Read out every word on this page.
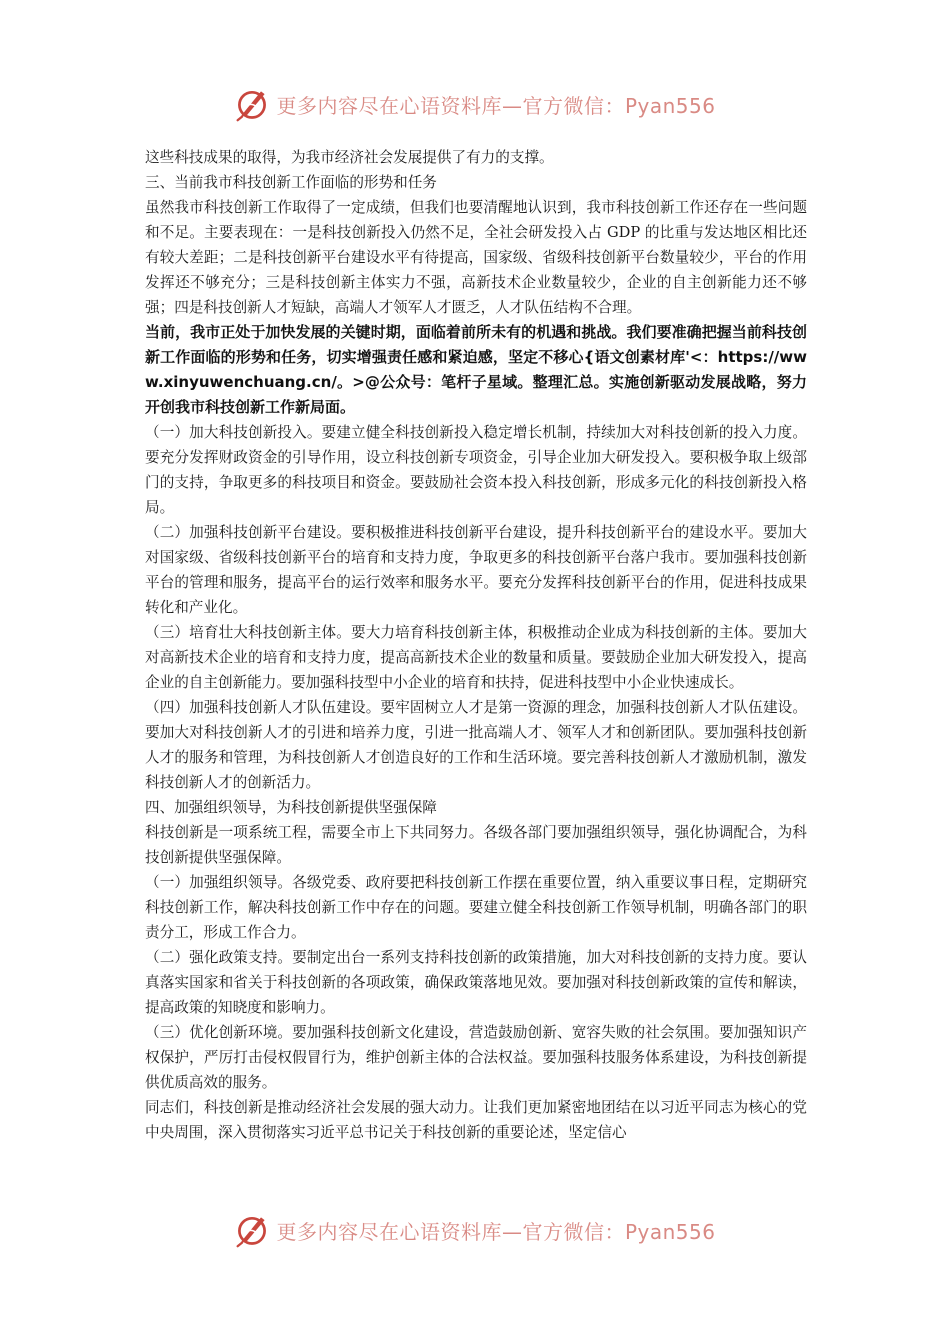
更多内容尽在心语资料库—官方微信：Pyan556

这些科技成果的取得，为我市经济社会发展提供了有力的支撑。

三、当前我市科技创新工作面临的形势和任务

虽然我市科技创新工作取得了一定成绩，但我们也要清醒地认识到，我市科技创新工作还存在一些问题和不足。主要表现在：一是科技创新投入仍然不足，全社会研发投入占 GDP 的比重与发达地区相比还有较大差距；二是科技创新平台建设水平有待提高，国家级、省级科技创新平台数量较少，平台的作用发挥还不够充分；三是科技创新主体实力不强，高新技术企业数量较少，企业的自主创新能力还不够强；四是科技创新人才短缺，高端人才领军人才匮乏，人才队伍结构不合理。

当前，我市正处于加快发展的关键时期，面临着前所未有的机遇和挑战。我们要准确把握当前科技创新工作面临的形势和任务，切实增强责任感和紧迫感，坚定不移心{语文创素材库'<：https://www.xinyuwenchuang.cn/。>@公众号：笔杆子星域。整理汇总。实施创新驱动发展战略，努力开创我市科技创新工作新局面。

（一）加大科技创新投入。要建立健全科技创新投入稳定增长机制，持续加大对科技创新的投入力度。要充分发挥财政资金的引导作用，设立科技创新专项资金，引导企业加大研发投入。要积极争取上级部门的支持，争取更多的科技项目和资金。要鼓励社会资本投入科技创新，形成多元化的科技创新投入格局。

（二）加强科技创新平台建设。要积极推进科技创新平台建设，提升科技创新平台的建设水平。要加大对国家级、省级科技创新平台的培育和支持力度，争取更多的科技创新平台落户我市。要加强科技创新平台的管理和服务，提高平台的运行效率和服务水平。要充分发挥科技创新平台的作用，促进科技成果转化和产业化。

（三）培育壮大科技创新主体。要大力培育科技创新主体，积极推动企业成为科技创新的主体。要加大对高新技术企业的培育和支持力度，提高高新技术企业的数量和质量。要鼓励企业加大研发投入，提高企业的自主创新能力。要加强科技型中小企业的培育和扶持，促进科技型中小企业快速成长。

（四）加强科技创新人才队伍建设。要牢固树立人才是第一资源的理念，加强科技创新人才队伍建设。要加大对科技创新人才的引进和培养力度，引进一批高端人才、领军人才和创新团队。要加强科技创新人才的服务和管理，为科技创新人才创造良好的工作和生活环境。要完善科技创新人才激励机制，激发科技创新人才的创新活力。

四、加强组织领导，为科技创新提供坚强保障

科技创新是一项系统工程，需要全市上下共同努力。各级各部门要加强组织领导，强化协调配合，为科技创新提供坚强保障。

（一）加强组织领导。各级党委、政府要把科技创新工作摆在重要位置，纳入重要议事日程，定期研究科技创新工作，解决科技创新工作中存在的问题。要建立健全科技创新工作领导机制，明确各部门的职责分工，形成工作合力。

（二）强化政策支持。要制定出台一系列支持科技创新的政策措施，加大对科技创新的支持力度。要认真落实国家和省关于科技创新的各项政策，确保政策落地见效。要加强对科技创新政策的宣传和解读，提高政策的知晓度和影响力。

（三）优化创新环境。要加强科技创新文化建设，营造鼓励创新、宽容失败的社会氛围。要加强知识产权保护，严厉打击侵权假冒行为，维护创新主体的合法权益。要加强科技服务体系建设，为科技创新提供优质高效的服务。

同志们，科技创新是推动经济社会发展的强大动力。让我们更加紧密地团结在以习近平同志为核心的党中央周围，深入贯彻落实习近平总书记关于科技创新的重要论述，坚定信心

更多内容尽在心语资料库—官方微信：Pyan556
